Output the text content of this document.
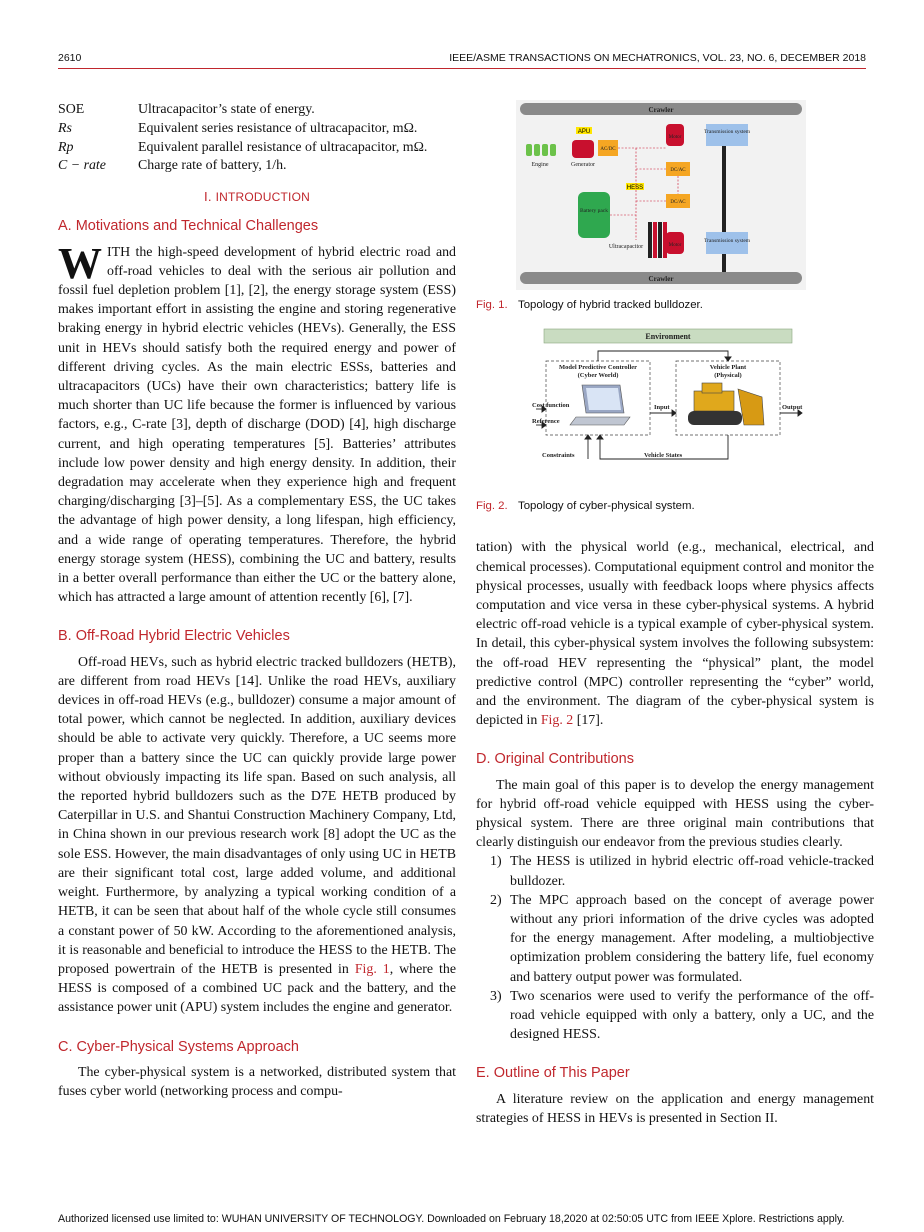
2610	IEEE/ASME TRANSACTIONS ON MECHATRONICS, VOL. 23, NO. 6, DECEMBER 2018
SOE	Ultracapacitor’s state of energy.
Rs	Equivalent series resistance of ultracapacitor, mΩ.
Rp	Equivalent parallel resistance of ultracapacitor, mΩ.
C − rate	Charge rate of battery, 1/h.
I. INTRODUCTION
A. Motivations and Technical Challenges

WITH the high-speed development of hybrid electric road and off-road vehicles to deal with the serious air pollution and fossil fuel depletion problem [1], [2], the energy storage system (ESS) makes important effort in assisting the engine and storing regenerative braking energy in hybrid electric vehicles (HEVs). Generally, the ESS unit in HEVs should satisfy both the required energy and power of different driving cycles. As the main electric ESSs, batteries and ultracapacitors (UCs) have their own characteristics; battery life is much shorter than UC life because the former is influenced by various factors, e.g., C-rate [3], depth of discharge (DOD) [4], high discharge current, and high operating temperatures [5]. Batteries’ attributes include low power density and high energy density. In addition, their degradation may accelerate when they experience high and frequent charging/discharging [3]–[5]. As a complementary ESS, the UC takes the advantage of high power density, a long lifespan, high efficiency, and a wide range of operating temperatures. Therefore, the hybrid energy storage system (HESS), combining the UC and battery, results in a better overall performance than either the UC or the battery alone, which has attracted a large amount of attention recently [6], [7].

B. Off-Road Hybrid Electric Vehicles

Off-road HEVs, such as hybrid electric tracked bulldozers (HETB), are different from road HEVs [14]. Unlike the road HEVs, auxiliary devices in off-road HEVs (e.g., bulldozer) consume a major amount of total power, which cannot be neglected. In addition, auxiliary devices should be able to activate very quickly. Therefore, a UC seems more proper than a battery since the UC can quickly provide large power without obviously impacting its life span. Based on such analysis, all the reported hybrid bulldozers such as the D7E HETB produced by Caterpillar in U.S. and Shantui Construction Machinery Company, Ltd, in China shown in our previous research work [8] adopt the UC as the sole ESS. However, the main disadvantages of only using UC in HETB are their significant total cost, large added volume, and additional weight. Furthermore, by analyzing a typical working condition of a HETB, it can be seen that about half of the whole cycle still consumes a constant power of 50 kW. According to the aforementioned analysis, it is reasonable and beneficial to introduce the HESS to the HETB. The proposed powertrain of the HETB is presented in Fig. 1, where the HESS is composed of a combined UC pack and the battery, and the assistance power unit (APU) system includes the engine and generator.

C. Cyber-Physical Systems Approach

The cyber-physical system is a networked, distributed system that fuses cyber world (networking process and compu-

Crawler
Crawler
APU
Engine	Generator
AC/DC
Motor
Transmission system
DC/AC
HESS
Battery pack
DC/AC
Ultracapacitor	Motor
Transmission system
Fig. 1. Topology of hybrid tracked bulldozer.
Environment
Model Predictive Controller
(Cyber World)
Vehicle Plant
(Physical)
Cost function
Reference
Input	Output
Constraints	Vehicle States
Fig. 2. Topology of cyber-physical system.

tation) with the physical world (e.g., mechanical, electrical, and chemical processes). Computational equipment control and monitor the physical processes, usually with feedback loops where physics affects computation and vice versa in these cyber-physical systems. A hybrid electric off-road vehicle is a typical example of cyber-physical system. In detail, this cyber-physical system involves the following subsystem: the off-road HEV representing the “physical” plant, the model predictive control (MPC) controller representing the “cyber” world, and the environment. The diagram of the cyber-physical system is depicted in Fig. 2 [17].

D. Original Contributions

The main goal of this paper is to develop the energy management for hybrid off-road vehicle equipped with HESS using the cyber-physical system. There are three original main contributions that clearly distinguish our endeavor from the previous studies clearly.

1) The HESS is utilized in hybrid electric off-road vehicle-tracked bulldozer.
2) The MPC approach based on the concept of average power without any priori information of the drive cycles was adopted for the energy management. After modeling, a multiobjective optimization problem considering the battery life, fuel economy and battery output power was formulated.
3) Two scenarios were used to verify the performance of the off-road vehicle equipped with only a battery, only a UC, and the designed HESS.
E. Outline of This Paper

A literature review on the application and energy management strategies of HESS in HEVs is presented in Section II.

Authorized licensed use limited to: WUHAN UNIVERSITY OF TECHNOLOGY. Downloaded on February 18,2020 at 02:50:05 UTC from IEEE Xplore. Restrictions apply.
